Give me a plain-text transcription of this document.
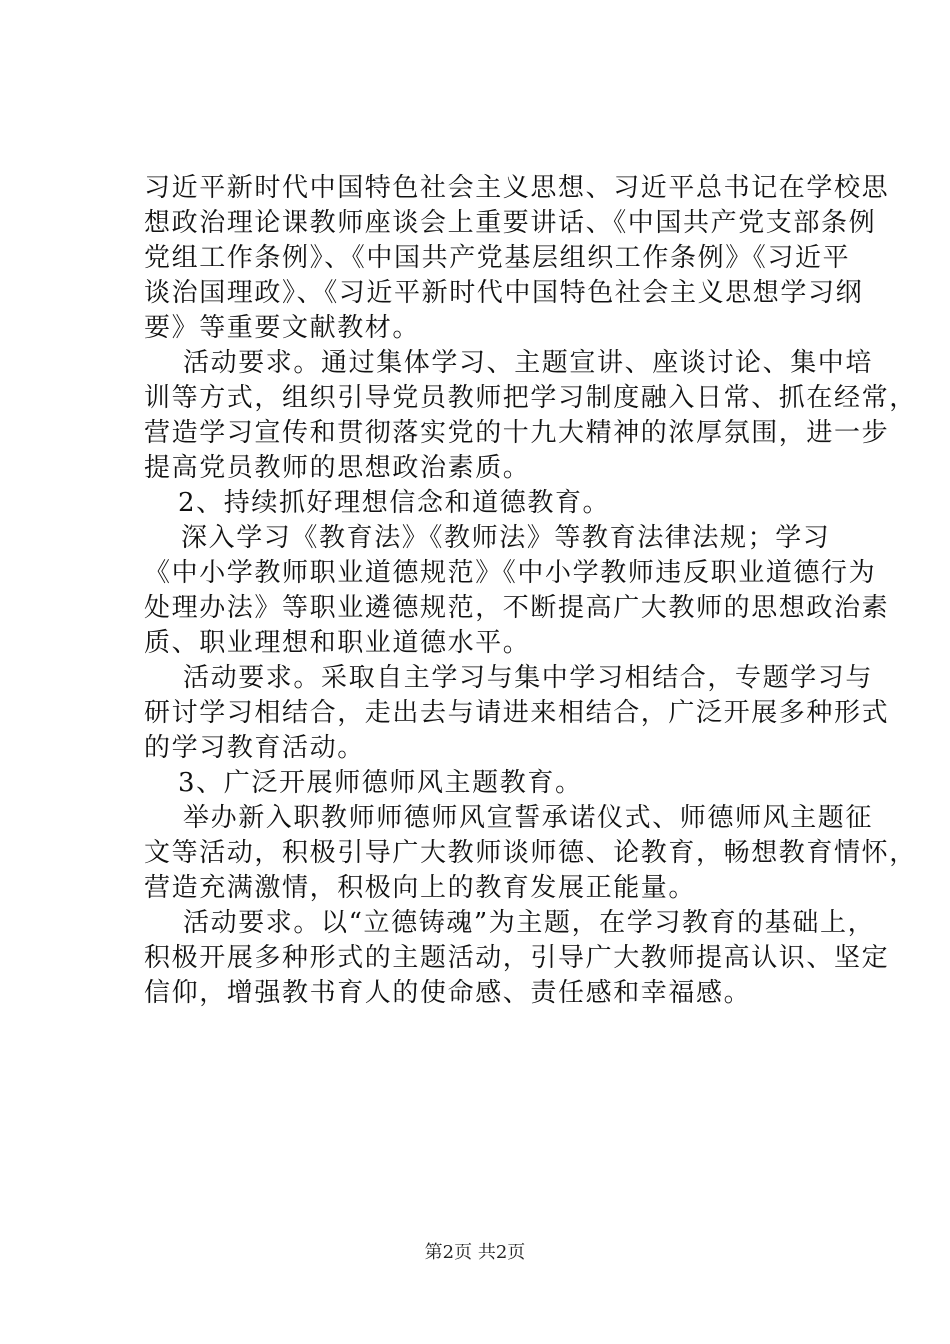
习近平新时代中国特色社会主义思想、习近平总书记在学校思
想政治理论课教师座谈会上重要讲话、《中国共产党支部条例
党组工作条例》、《中国共产党基层组织工作条例》《习近平
谈治国理政》、《习近平新时代中国特色社会主义思想学习纲
要》等重要文献教材。
活动要求。通过集体学习、主题宣讲、座谈讨论、集中培
训等方式，组织引导党员教师把学习制度融入日常、抓在经常，
营造学习宣传和贯彻落实党的十九大精神的浓厚氛围，进一步
提高党员教师的思想政治素质。
2、持续抓好理想信念和道德教育。
深入学习《教育法》《教师法》等教育法律法规；学习
《中小学教师职业道德规范》《中小学教师违反职业道德行为
处理办法》等职业遴德规范，不断提高广大教师的思想政治素
质、职业理想和职业道德水平。
活动要求。采取自主学习与集中学习相结合，专题学习与
研讨学习相结合，走出去与请进来相结合，广泛开展多种形式
的学习教育活动。
3、广泛开展师德师风主题教育。
举办新入职教师师德师风宣誓承诺仪式、师德师风主题征
文等活动，积极引导广大教师谈师德、论教育，畅想教育情怀，
营造充满激情，积极向上的教育发展正能量。
活动要求。以“立德铸魂”为主题，在学习教育的基础上，
积极开展多种形式的主题活动，引导广大教师提高认识、坚定
信仰，增强教书育人的使命感、责任感和幸福感。
第2页 共2页
